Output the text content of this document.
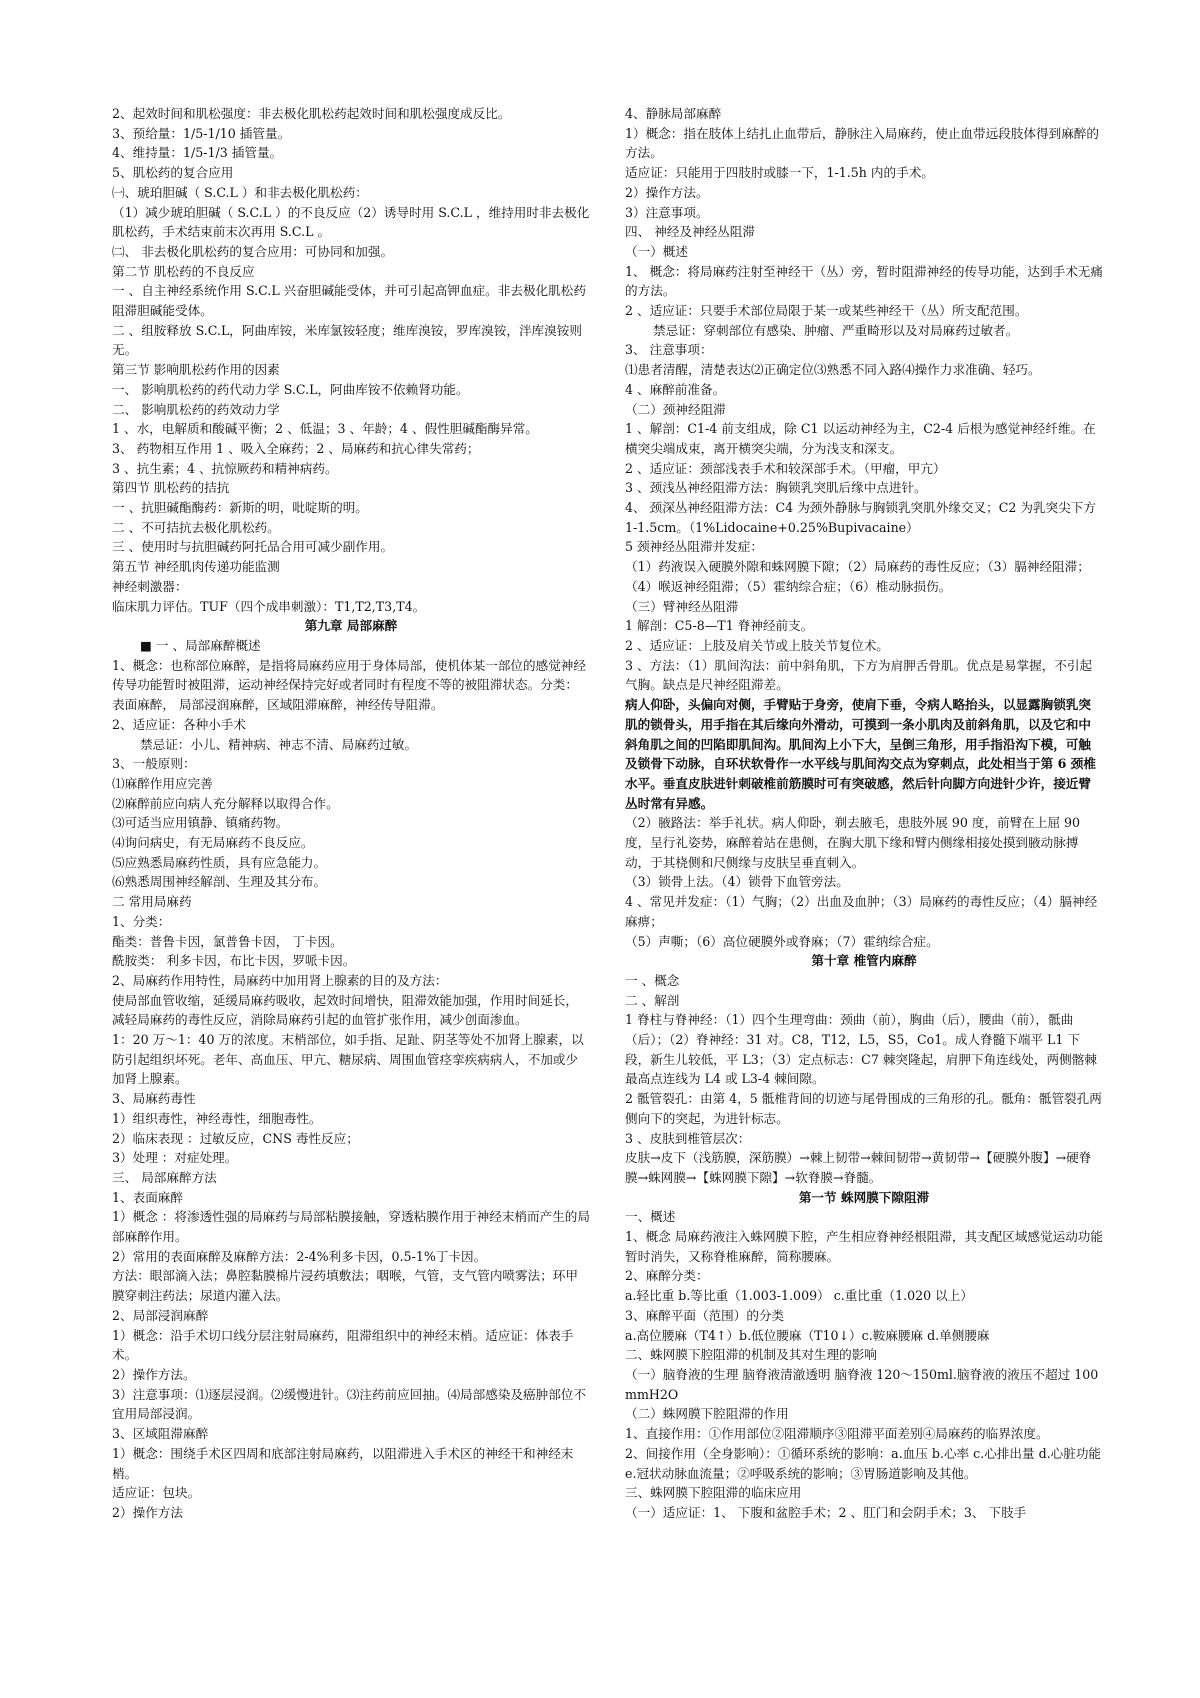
2、起效时间和肌松强度：非去极化肌松药起效时间和肌松强度成反比。
3、预给量：1/5-1/10 插管量。
4、维持量：1/5-1/3 插管量。
5、肌松药的复合应用
㈠、琥珀胆碱（ S.C.L ）和非去极化肌松药：
（1）减少琥珀胆碱（ S.C.L ）的不良反应（2）诱导时用 S.C.L ，维持用时非去极化肌松药，手术结束前末次再用 S.C.L 。
㈡、 非去极化肌松药的复合应用：可协同和加强。
第二节 肌松药的不良反应
一 、自主神经系统作用 S.C.L 兴奋胆碱能受体，并可引起高钾血症。非去极化肌松药阻滞胆碱能受体。
二 、组胺释放 S.C.L，阿曲库铵，米库氯铵轻度；维库溴铵，罗库溴铵，泮库溴铵则无。
第三节 影响肌松药作用的因素
一、 影响肌松药的药代动力学 S.C.L，阿曲库铵不依赖肾功能。
二、 影响肌松药的药效动力学
1 、水，电解质和酸碱平衡；2 、低温；3 、年龄；4 、假性胆碱酯酶异常。
3、 药物相互作用 1 、吸入全麻药；2 、局麻药和抗心律失常药；
3 、抗生素；4 、抗惊厥药和精神病药。
第四节 肌松药的拮抗
一 、抗胆碱酯酶药：新斯的明，吡啶斯的明。
二 、不可拮抗去极化肌松药。
三 、使用时与抗胆碱药阿托品合用可减少副作用。
第五节 神经肌肉传递功能监测
神经刺激器：
临床肌力评估。TUF（四个成串刺激）：T1,T2,T3,T4。
第九章 局部麻醉
■ 一 、局部麻醉概述
1、概念：也称部位麻醉，是指将局麻药应用于身体局部，使机体某一部位的感觉神经传导功能暂时被阻滞，运动神经保持完好或者同时有程度不等的被阻滞状态。分类：表面麻醉， 局部浸润麻醉，区域阻滞麻醉，神经传导阻滞。
2、适应证：各种小手术
禁忌证：小儿、精神病、神志不清、局麻药过敏。
3、一般原则：
⑴麻醉作用应完善
⑵麻醉前应向病人充分解释以取得合作。
⑶可适当应用镇静、镇痛药物。
⑷询问病史，有无局麻药不良反应。
⑸应熟悉局麻药性质，具有应急能力。
⑹熟悉周围神经解剖、生理及其分布。
二 常用局麻药
1、分类：
酯类：普鲁卡因，氯普鲁卡因， 丁卡因。
酰胺类： 利多卡因，布比卡因，罗哌卡因。
2、局麻药作用特性，局麻药中加用肾上腺素的目的及方法：
使局部血管收缩，延缓局麻药吸收，起效时间增快，阻滞效能加强，作用时间延长，减轻局麻药的毒性反应，消除局麻药引起的血管扩张作用，减少创面渗血。
1：20 万～1：40 万的浓度。末梢部位，如手指、足趾、阴茎等处不加肾上腺素，以防引起组织坏死。老年、高血压、甲亢、糖尿病、周围血管痉挛疾病病人，不加或少加肾上腺素。
3、局麻药毒性
1）组织毒性，神经毒性，细胞毒性。
2）临床表现 ：过敏反应，CNS 毒性反应；
3）处理 ：对症处理。
三、 局部麻醉方法
1、表面麻醉
1）概念 ：将渗透性强的局麻药与局部粘膜接触，穿透粘膜作用于神经末梢而产生的局部麻醉作用。
2）常用的表面麻醉及麻醉方法：2-4%利多卡因，0.5-1%丁卡因。
方法：眼部滴入法；鼻腔黏膜棉片浸药填敷法；咽喉，气管，支气管内喷雾法；环甲膜穿刺注药法；尿道内灌入法。
2、局部浸润麻醉
1）概念：沿手术切口线分层注射局麻药，阻滞组织中的神经末梢。适应证：体表手术。
2）操作方法。
3）注意事项：⑴逐层浸润。⑵缓慢进针。⑶注药前应回抽。⑷局部感染及癌肿部位不宜用局部浸润。
3、区域阻滞麻醉
1）概念：围绕手术区四周和底部注射局麻药，以阻滞进入手术区的神经干和神经末梢。
适应证：包块。
2）操作方法
4、静脉局部麻醉
1）概念：指在肢体上结扎止血带后，静脉注入局麻药，使止血带远段肢体得到麻醉的方法。
适应证：只能用于四肢肘或膝一下，1-1.5h 内的手术。
2）操作方法。
3）注意事项。
四、 神经及神经丛阻滞
（一）概述
1、 概念：将局麻药注射至神经干（丛）旁，暂时阻滞神经的传导功能，达到手术无痛的方法。
2 、适应证：只要手术部位局限于某一或某些神经干（丛）所支配范围。
禁忌证：穿刺部位有感染、肿瘤、严重畸形以及对局麻药过敏者。
3、 注意事项：
⑴患者清醒，清楚表达⑵正确定位⑶熟悉不同入路⑷操作力求准确、轻巧。
4 、麻醉前准备。
（二）颈神经阻滞
1 、解剖：C1-4 前支组成，除 C1 以运动神经为主，C2-4 后根为感觉神经纤维。在横突尖端成束，离开横突尖端，分为浅支和深支。
2 、适应证：颈部浅表手术和较深部手术。（甲瘤，甲亢）
3 、颈浅丛神经阻滞方法：胸锁乳突肌后缘中点进针。
4、 颈深丛神经阻滞方法：C4 为颈外静脉与胸锁乳突肌外缘交叉；C2 为乳突尖下方 1-1.5cm。（1%Lidocaine+0.25%Bupivacaine）
5 颈神经丛阻滞并发症：
（1）药液误入硬膜外隙和蛛网膜下隙；（2）局麻药的毒性反应；（3）膈神经阻滞；
（4）喉返神经阻滞；（5）霍纳综合症；（6）椎动脉损伤。
（三）臂神经丛阻滞
1 解剖：C5-8—T1 脊神经前支。
2 、适应证：上肢及肩关节或上肢关节复位术。
3 、方法：（1）肌间沟法：前中斜角肌，下方为肩胛舌骨肌。优点是易掌握，不引起气胸。缺点是尺神经阻滞差。
病人仰卧，头偏向对侧，手臂贴于身旁，使肩下垂，令病人略抬头，以显露胸锁乳突肌的锁骨头，用手指在其后缘向外滑动，可摸到一条小肌肉及前斜角肌，以及它和中斜角肌之间的凹陷即肌间沟。肌间沟上小下大，呈倒三角形，用手指沿沟下模，可触及锁骨下动脉，自环状软骨作一水平线与肌间沟交点为穿刺点，此处相当于第 6 颈椎水平。垂直皮肤进针刺破椎前筋膜时可有突破感，然后针向脚方向进针少许，接近臂丛时常有异感。
（2）腋路法：举手礼状。病人仰卧，剃去腋毛，患肢外展 90 度，前臂在上屈 90 度，呈行礼姿势，麻醉着站在患侧，在胸大肌下缘和臂内侧缘相接处摸到腋动脉搏动，于其桡侧和尺侧缘与皮肤呈垂直刺入。
（3）锁骨上法。（4）锁骨下血管旁法。
4 、常见并发症：（1）气胸；（2）出血及血肿；（3）局麻药的毒性反应；（4）膈神经麻痹；
（5）声嘶；（6）高位硬膜外或脊麻；（7）霍纳综合症。
第十章 椎管内麻醉
一 、概念
二 、解剖
1 脊柱与脊神经：（1）四个生理弯曲：颈曲（前），胸曲（后），腰曲（前），骶曲（后）；（2）脊神经：31 对。C8，T12，L5，S5，Co1。成人脊髓下端平 L1 下段，新生儿较低，平 L3；（3）定点标志：C7 棘突隆起，肩胛下角连线处，两侧髂棘最高点连线为 L4 或 L3-4 棘间隙。
2 骶管裂孔：由第 4，5 骶椎背间的切迹与尾骨围成的三角形的孔。骶角：骶管裂孔两侧向下的突起，为进针标志。
3 、皮肤到椎管层次：
皮肤→皮下（浅筋膜，深筋膜）→棘上韧带→棘间韧带→黄韧带→【硬膜外腹】→硬脊膜→蛛网膜→【蛛网膜下隙】→软脊膜→脊髓。
第一节 蛛网膜下隙阻滞
一、概述
1、概念 局麻药液注入蛛网膜下腔，产生相应脊神经根阻滞，其支配区域感觉运动功能暂时消失，又称脊椎麻醉，简称腰麻。
2、麻醉分类：
a.轻比重 b.等比重（1.003-1.009） c.重比重（1.020 以上）
3、麻醉平面（范围）的分类
a.高位腰麻（T4↑）b.低位腰麻（T10↓）c.鞍麻腰麻 d.单侧腰麻
二、蛛网膜下腔阻滞的机制及其对生理的影响
（一）脑脊液的生理 脑脊液清澈透明 脑脊液 120～150ml.脑脊液的液压不超过 100mmH2O
（二）蛛网膜下腔阻滞的作用
1、直接作用：①作用部位②阻滞顺序③阻滞平面差别④局麻药的临界浓度。
2、间接作用（全身影响）：①循环系统的影响：a.血压 b.心率 c.心排出量 d.心脏功能 e.冠状动脉血流量；②呼吸系统的影响；③胃肠道影响及其他。
三、蛛网膜下腔阻滞的临床应用
（一）适应证：1、 下腹和盆腔手术；2 、肛门和会阴手术；3、 下肢手
